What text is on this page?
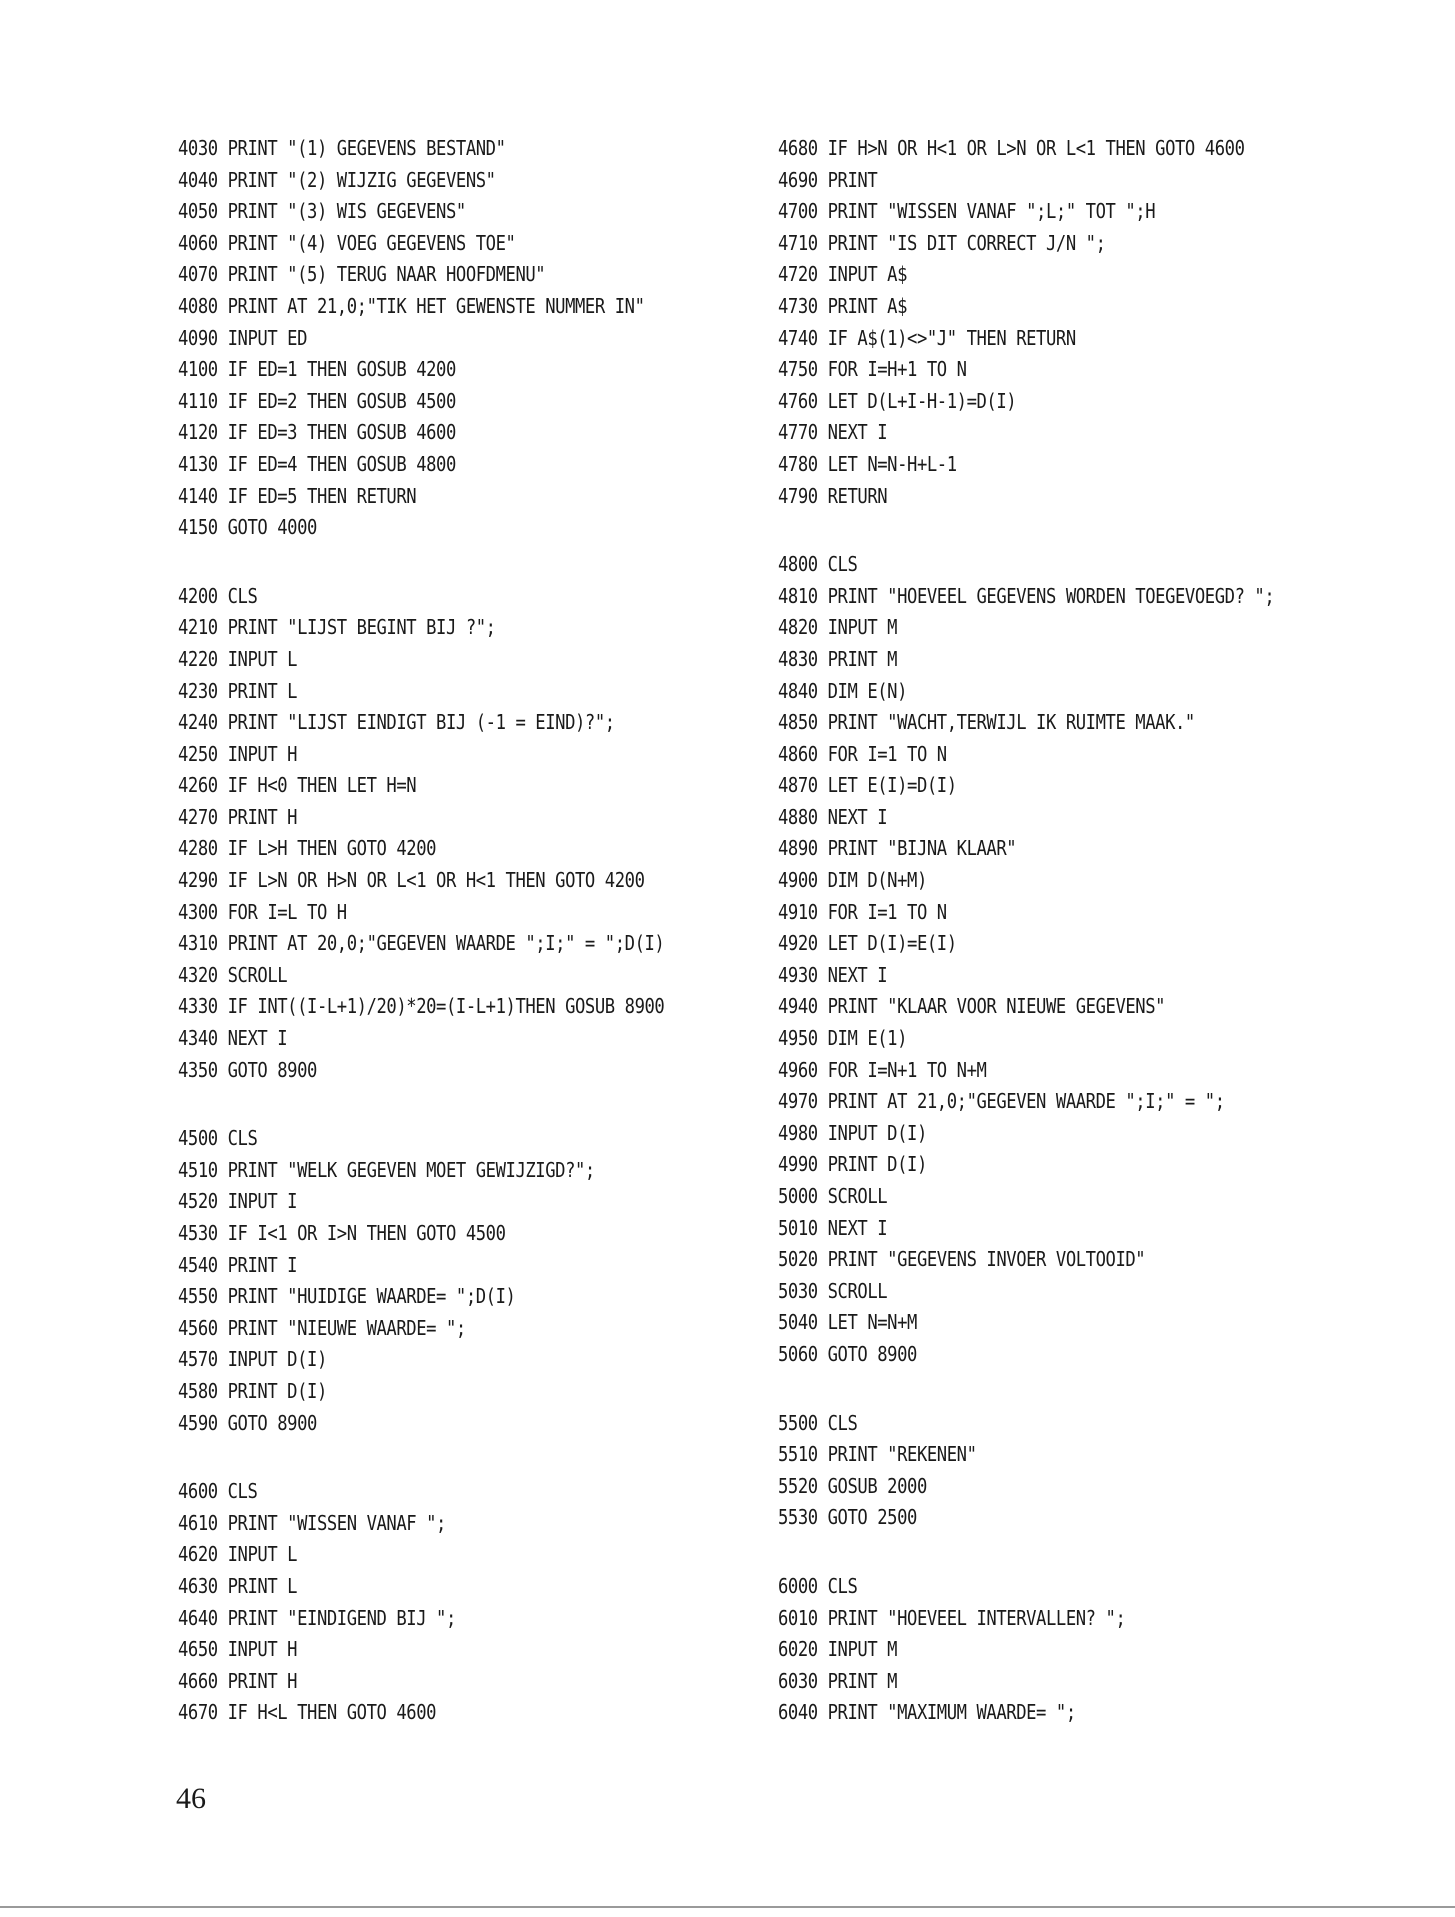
4030 PRINT "(1) GEGEVENS BESTAND"
4040 PRINT "(2) WIJZIG GEGEVENS"
4050 PRINT "(3) WIS GEGEVENS"
4060 PRINT "(4) VOEG GEGEVENS TOE"
4070 PRINT "(5) TERUG NAAR HOOFDMENU"
4080 PRINT AT 21,0;"TIK HET GEWENSTE NUMMER IN"
4090 INPUT ED
4100 IF ED=1 THEN GOSUB 4200
4110 IF ED=2 THEN GOSUB 4500
4120 IF ED=3 THEN GOSUB 4600
4130 IF ED=4 THEN GOSUB 4800
4140 IF ED=5 THEN RETURN
4150 GOTO 4000
4200 CLS
4210 PRINT "LIJST BEGINT BIJ ?";
4220 INPUT L
4230 PRINT L
4240 PRINT "LIJST EINDIGT BIJ (-1 = EIND)?";
4250 INPUT H
4260 IF H<0 THEN LET H=N
4270 PRINT H
4280 IF L>H THEN GOTO 4200
4290 IF L>N OR H>N OR L<1 OR H<1 THEN GOTO 4200
4300 FOR I=L TO H
4310 PRINT AT 20,0;"GEGEVEN WAARDE ";I;" = ";D(I)
4320 SCROLL
4330 IF INT((I-L+1)/20)*20=(I-L+1)THEN GOSUB 8900
4340 NEXT I
4350 GOTO 8900
4500 CLS
4510 PRINT "WELK GEGEVEN MOET GEWIJZIGD?";
4520 INPUT I
4530 IF I<1 OR I>N THEN GOTO 4500
4540 PRINT I
4550 PRINT "HUIDIGE WAARDE= ";D(I)
4560 PRINT "NIEUWE WAARDE= ";
4570 INPUT D(I)
4580 PRINT D(I)
4590 GOTO 8900
4600 CLS
4610 PRINT "WISSEN VANAF ";
4620 INPUT L
4630 PRINT L
4640 PRINT "EINDIGEND BIJ ";
4650 INPUT H
4660 PRINT H
4670 IF H<L THEN GOTO 4600
4680 IF H>N OR H<1 OR L>N OR L<1 THEN GOTO 4600
4690 PRINT
4700 PRINT "WISSEN VANAF ";L;" TOT ";H
4710 PRINT "IS DIT CORRECT J/N ";
4720 INPUT A$
4730 PRINT A$
4740 IF A$(1)<>"J" THEN RETURN
4750 FOR I=H+1 TO N
4760 LET D(L+I-H-1)=D(I)
4770 NEXT I
4780 LET N=N-H+L-1
4790 RETURN
4800 CLS
4810 PRINT "HOEVEEL GEGEVENS WORDEN TOEGEVOEGD? ";
4820 INPUT M
4830 PRINT M
4840 DIM E(N)
4850 PRINT "WACHT,TERWIJL IK RUIMTE MAAK."
4860 FOR I=1 TO N
4870 LET E(I)=D(I)
4880 NEXT I
4890 PRINT "BIJNA KLAAR"
4900 DIM D(N+M)
4910 FOR I=1 TO N
4920 LET D(I)=E(I)
4930 NEXT I
4940 PRINT "KLAAR VOOR NIEUWE GEGEVENS"
4950 DIM E(1)
4960 FOR I=N+1 TO N+M
4970 PRINT AT 21,0;"GEGEVEN WAARDE ";I;" = ";
4980 INPUT D(I)
4990 PRINT D(I)
5000 SCROLL
5010 NEXT I
5020 PRINT "GEGEVENS INVOER VOLTOOID"
5030 SCROLL
5040 LET N=N+M
5060 GOTO 8900
5500 CLS
5510 PRINT "REKENEN"
5520 GOSUB 2000
5530 GOTO 2500
6000 CLS
6010 PRINT "HOEVEEL INTERVALLEN? ";
6020 INPUT M
6030 PRINT M
6040 PRINT "MAXIMUM WAARDE= ";
46
